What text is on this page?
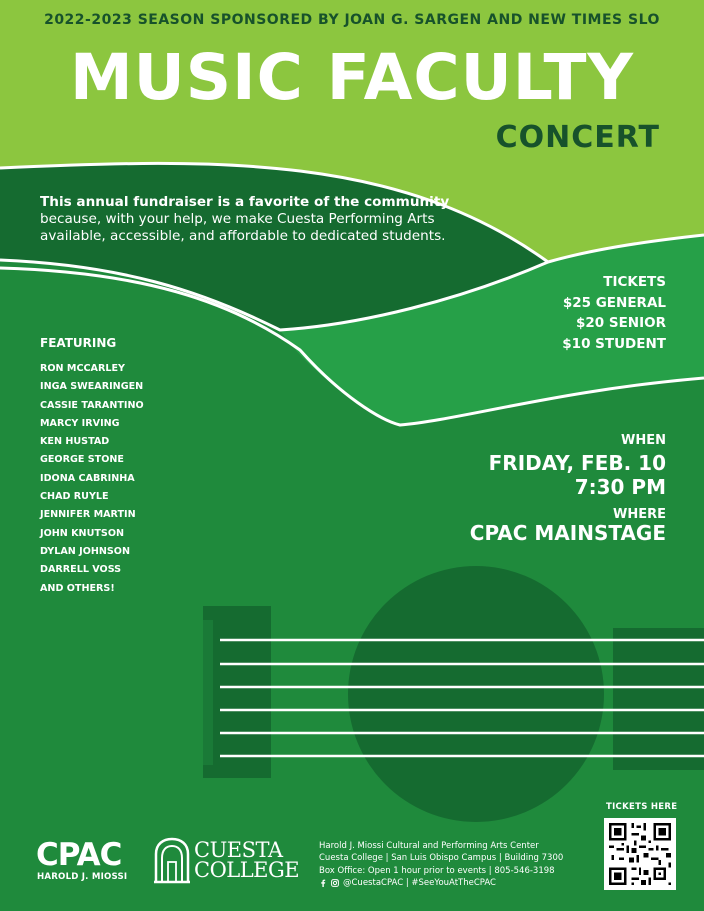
2022-2023 SEASON SPONSORED BY JOAN G. SARGEN AND NEW TIMES SLO

MUSIC FACULTY
CONCERT

This annual fundraiser is a favorite of the community because, with your help, we make Cuesta Performing Arts available, accessible, and affordable to dedicated students.

TICKETS
$25 GENERAL
$20 SENIOR
$10 STUDENT
FEATURING
RON MCCARLEY
INGA SWEARINGEN
CASSIE TARANTINO
MARCY IRVING
KEN HUSTAD
GEORGE STONE
IDONA CABRINHA
CHAD RUYLE
JENNIFER MARTIN
JOHN KNUTSON
DYLAN JOHNSON
DARRELL VOSS
AND OTHERS!
WHEN
FRIDAY, FEB. 10
7:30 PM
WHERE
CPAC MAINSTAGE
CPAC
HAROLD J. MIOSSI
CUESTA
COLLEGE
Harold J. Miossi Cultural and Performing Arts Center
Cuesta College | San Luis Obispo Campus | Building 7300
Box Office: Open 1 hour prior to events | 805-546-3198
@CuestaCPAC | #SeeYouAtTheCPAC
TICKETS HERE
